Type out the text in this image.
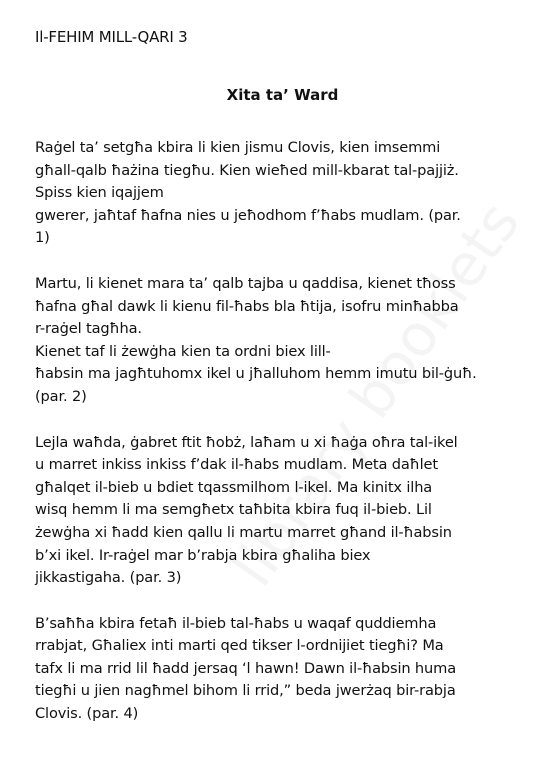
Il-FEHIM MILL-QARI 3
Xita ta’ Ward
Raġel ta’ setgħa kbira li kien jismu Clovis, kien imsemmi
għall-qalb ħażina tiegħu. Kien wieħed mill-kbarat tal-pajjiż.
Spiss kien iqajjem
gwerer, jaħtaf ħafna nies u jeħodhom f’ħabs mudlam. (par.
1)
Martu, li kienet mara ta’ qalb tajba u qaddisa, kienet tħoss
ħafna għal dawk li kienu fil-ħabs bla ħtija, isofru minħabba
r-raġel tagħha.
Kienet taf li żewġha kien ta ordni biex lill-
ħabsin ma jagħtuhomx ikel u jħalluhom hemm imutu bil-ġuħ.
(par. 2)
Lejla waħda, ġabret ftit ħobż, laħam u xi ħaġa oħra tal-ikel
u marret inkiss inkiss f’dak il-ħabs mudlam. Meta daħlet
għalqet il-bieb u bdiet tqassmilhom l-ikel. Ma kinitx ilha
wisq hemm li ma semgħetx taħbita kbira fuq il-bieb. Lil
żewġha xi ħadd kien qallu li martu marret għand il-ħabsin
b’xi ikel. Ir-raġel mar b’rabja kbira għaliha biex
jikkastigaha. (par. 3)
B’saħħa kbira fetaħ il-bieb tal-ħabs u waqaf quddiemha
rrabjat, Għaliex inti marti qed tikser l-ordnijiet tiegħi? Ma
tafx li ma rrid lil ħadd jersaq ‘l hawn! Dawn il-ħabsin huma
tiegħi u jien nagħmel bihom li rrid,” beda jwerżaq bir-rabja
Clovis. (par. 4)
